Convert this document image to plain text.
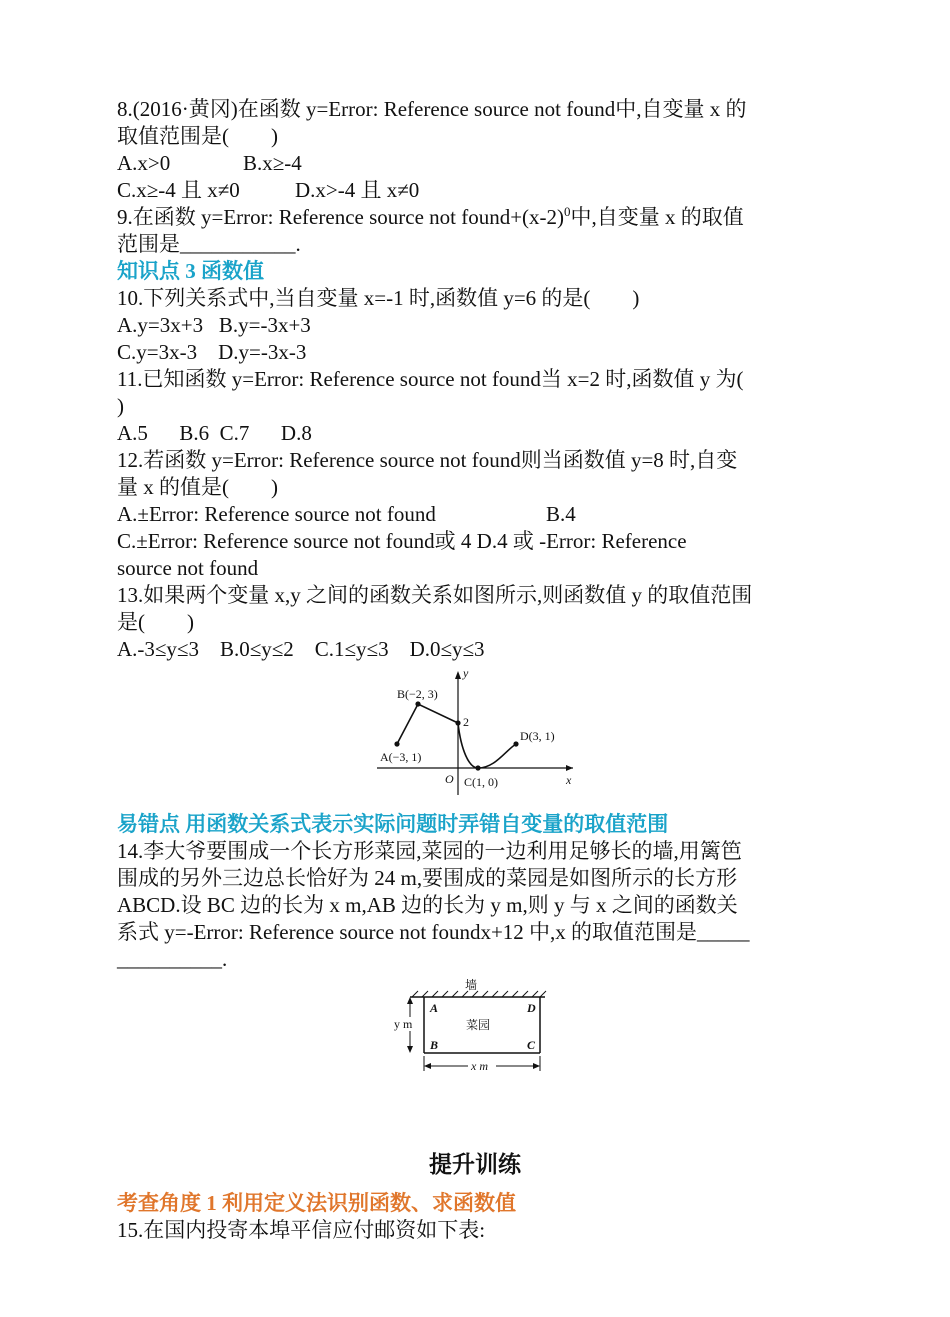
8.(2016·黄冈)在函数 y=Error: Reference source not found中,自变量 x 的
取值范围是(        )
A.x>0	B.x≥-4
C.x≥-4 且 x≠0	D.x>-4 且 x≠0
9.在函数 y=Error: Reference source not $found+(x-2)^0$中,自变量 x 的取值
范围是___________.
知识点 3 函数值
10.下列关系式中,当自变量 x=-1 时,函数值 y=6 的是(        )
A.y=3x+3   B.y=-3x+3
C.y=3x-3    D.y=-3x-3
11.已知函数 y=Error: Reference source not found当 x=2 时,函数值 y 为(
)
A.5      B.6  C.7      D.8
12.若函数 y=Error: Reference source not found则当函数值 y=8 时,自变
量 x 的值是(        )
A.±Error: Reference source not found	B.4
C.±Error: Reference source not found或 4 D.4 或 -Error: Reference
source not found
13.如果两个变量 x,y 之间的函数关系如图所示,则函数值 y 的取值范围
是(        )
A.-3≤y≤3    B.0≤y≤2    C.1≤y≤3    D.0≤y≤3
B(−2, 3)
A(−3, 1)
2
O C(1, 0)
D(3, 1)
x
y
易错点 用函数关系式表示实际问题时弄错自变量的取值范围
14.李大爷要围成一个长方形菜园,菜园的一边利用足够长的墙,用篱笆
围成的另外三边总长恰好为 24 m,要围成的菜园是如图所示的长方形
ABCD.设 BC 边的长为 x m,AB 边的长为 y m,则 y 与 x 之间的函数关
系式 y=-Error: Reference source not foundx+12 中,x 的取值范围是_____
__________.
墙
A	D
B	C
菜园
y m
x m
提升训练
考查角度 1 利用定义法识别函数、求函数值
15.在国内投寄本埠平信应付邮资如下表:
